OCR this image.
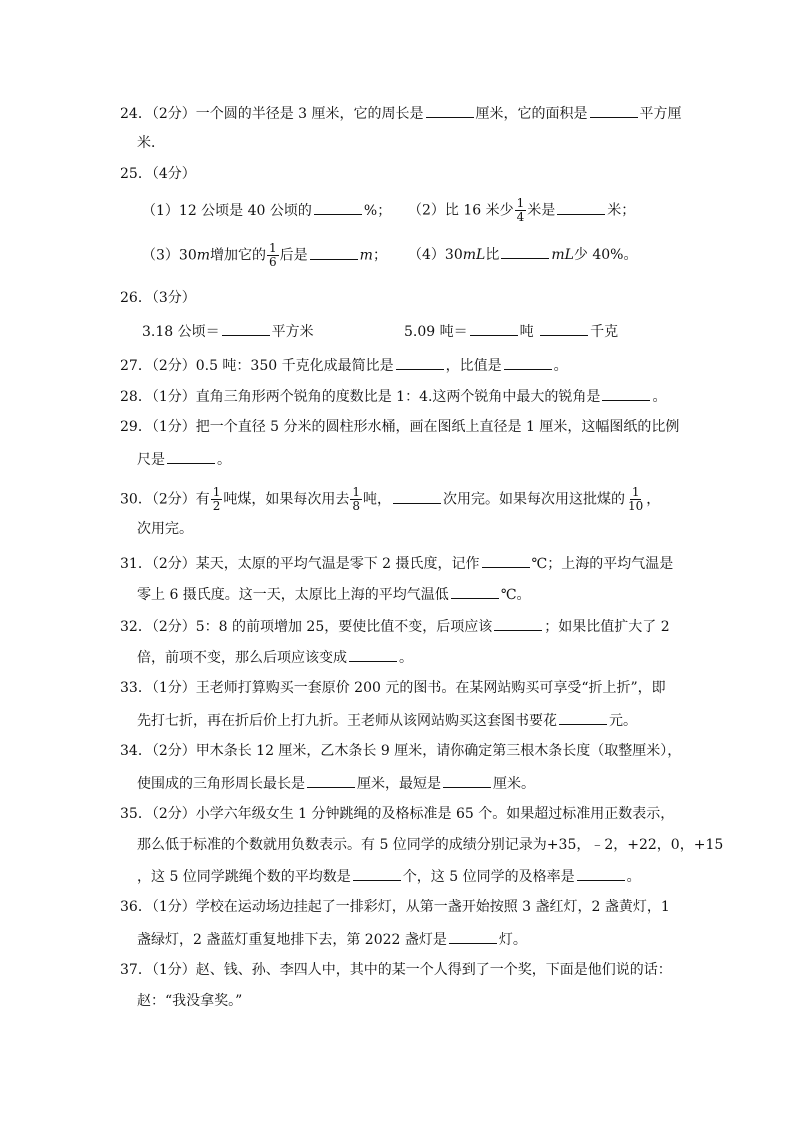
24．（2分）一个圆的半径是 3 厘米，它的周长是	厘米，它的面积是	平方厘
米．
25．（4分）
（1）12 公顷是 40 公顷的	%； （2）比 16 米少 $\frac{1}{4}$ 米是	米；
（3）30m增加它的 $\frac{1}{6}$ 后是	m； （4）30mL比	mL少 40%。
26．（3分）
3.18 公顷＝	平方米	5.09 吨＝	吨	千克
27．（2分）0.5 吨：350 千克化成最简比是	，比值是	。
28．（1分）直角三角形两个锐角的度数比是 1：4.这两个锐角中最大的锐角是	。
29．（1分）把一个直径 5 分米的圆柱形水桶，画在图纸上直径是 1 厘米，这幅图纸的比例
尺是	。
30．（2分）有 $\frac{1}{2}$ 吨煤，如果每次用去 $\frac{1}{8}$ 吨，	次用完。如果每次用这批煤的 $\frac{1}{10}$ ，
次用完。
31．（2分）某天，太原的平均气温是零下 2 摄氏度，记作	℃；上海的平均气温是
零上 6 摄氏度。这一天，太原比上海的平均气温低	℃。
32．（2分）5：8 的前项增加 25，要使比值不变，后项应该	；如果比值扩大了 2
倍，前项不变，那么后项应该变成	。
33．（1分）王老师打算购买一套原价 200 元的图书。在某网站购买可享受“折上折”，即
先打七折，再在折后价上打九折。王老师从该网站购买这套图书要花	元。
34．（2分）甲木条长 12 厘米，乙木条长 9 厘米，请你确定第三根木条长度（取整厘米），
使围成的三角形周长最长是	厘米，最短是	厘米。
35．（2分）小学六年级女生 1 分钟跳绳的及格标准是 65 个。如果超过标准用正数表示，
那么低于标准的个数就用负数表示。有 5 位同学的成绩分别记录为+35，﹣2，+22，0，+15
，这 5 位同学跳绳个数的平均数是	个，这 5 位同学的及格率是	。
36．（1分）学校在运动场边挂起了一排彩灯，从第一盏开始按照 3 盏红灯，2 盏黄灯，1
盏绿灯，2 盏蓝灯重复地排下去，第 2022 盏灯是	灯。
37．（1分）赵、钱、孙、李四人中，其中的某一个人得到了一个奖，下面是他们说的话：
赵：“我没拿奖。”
